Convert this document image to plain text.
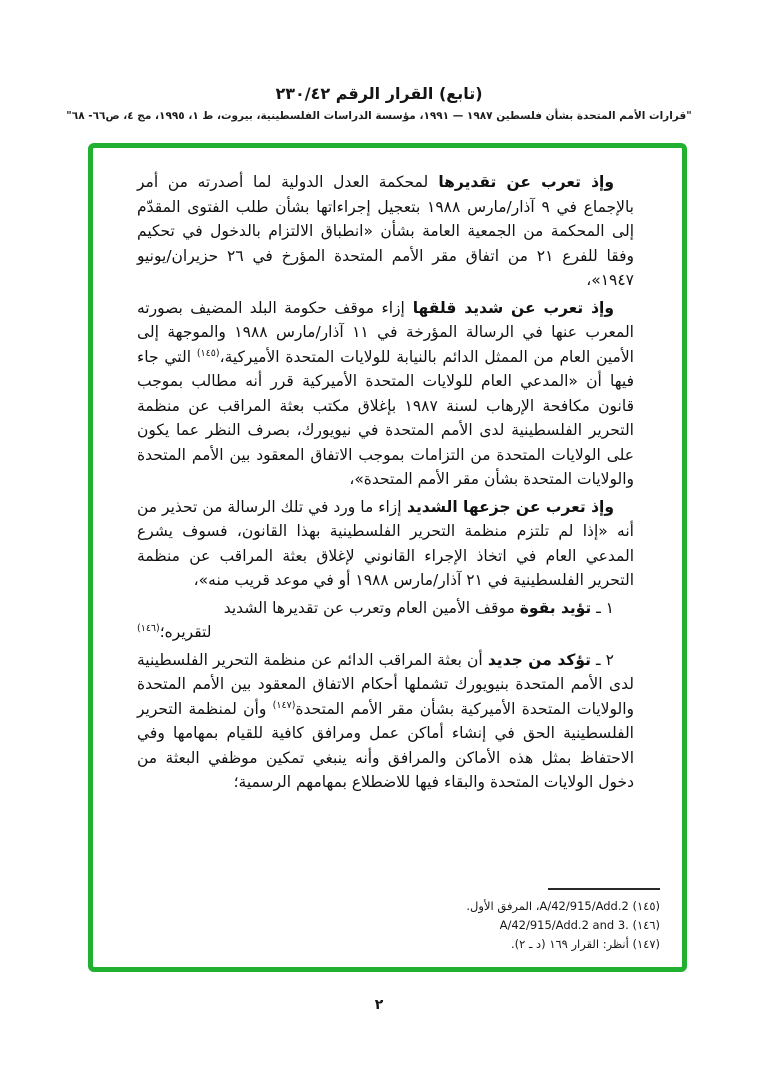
(تابع) القرار الرقم ٢٣٠/٤٢
"قرارات الأمم المتحدة بشأن فلسطين ١٩٨٧ — ١٩٩١، مؤسسة الدراسات الفلسطينية، بيروت، ط ١، ١٩٩٥، مج ٤، ص٦٦- ٦٨"
وإذ تعرب عن تقديرها لمحكمة العدل الدولية لما أصدرته من أمر بالإجماع في ٩ آذار/مارس ١٩٨٨ بتعجيل إجراءاتها بشأن طلب الفتوى المقدّم إلى المحكمة من الجمعية العامة بشأن «انطباق الالتزام بالدخول في تحكيم وفقا للفرع ٢١ من اتفاق مقر الأمم المتحدة المؤرخ في ٢٦ حزيران/يونيو ١٩٤٧»،
وإذ تعرب عن شديد قلقها إزاء موقف حكومة البلد المضيف بصورته المعرب عنها في الرسالة المؤرخة في ١١ آذار/مارس ١٩٨٨ والموجهة إلى الأمين العام من الممثل الدائم بالنيابة للولايات المتحدة الأميركية،$^{(١٤٥)}$ التي جاء فيها أن «المدعي العام للولايات المتحدة الأميركية قرر أنه مطالب بموجب قانون مكافحة الإرهاب لسنة ١٩٨٧ بإغلاق مكتب بعثة المراقب عن منظمة التحرير الفلسطينية لدى الأمم المتحدة في نيويورك، بصرف النظر عما يكون على الولايات المتحدة من التزامات بموجب الاتفاق المعقود بين الأمم المتحدة والولايات المتحدة بشأن مقر الأمم المتحدة»،
وإذ تعرب عن جزعها الشديد إزاء ما ورد في تلك الرسالة من تحذير من أنه «إذا لم تلتزم منظمة التحرير الفلسطينية بهذا القانون، فسوف يشرع المدعي العام في اتخاذ الإجراء القانوني لإغلاق بعثة المراقب عن منظمة التحرير الفلسطينية في ٢١ آذار/مارس ١٩٨٨ أو في موعد قريب منه»،
١ ـ تؤيد بقوة موقف الأمين العام وتعرب عن تقديرها الشديد
لتقريره؛$^{(١٤٦)}$
٢ ـ تؤكد من جديد أن بعثة المراقب الدائم عن منظمة التحرير الفلسطينية لدى الأمم المتحدة بنيويورك تشملها أحكام الاتفاق المعقود بين الأمم المتحدة والولايات المتحدة الأميركية بشأن مقر الأمم المتحدة$^{(١٤٧)}$ وأن لمنظمة التحرير الفلسطينية الحق في إنشاء أماكن عمل ومرافق كافية للقيام بمهامها وفي الاحتفاظ بمثل هذه الأماكن والمرافق وأنه ينبغي تمكين موظفي البعثة من دخول الولايات المتحدة والبقاء فيها للاضطلاع بمهامهم الرسمية؛
(١٤٥) A/42/915/Add.2، المرفق الأول.
(١٤٦) A/42/915/Add.2 and 3.‎
(١٤٧) أنظر: القرار ١٦٩ (د ـ ٢).
٢
